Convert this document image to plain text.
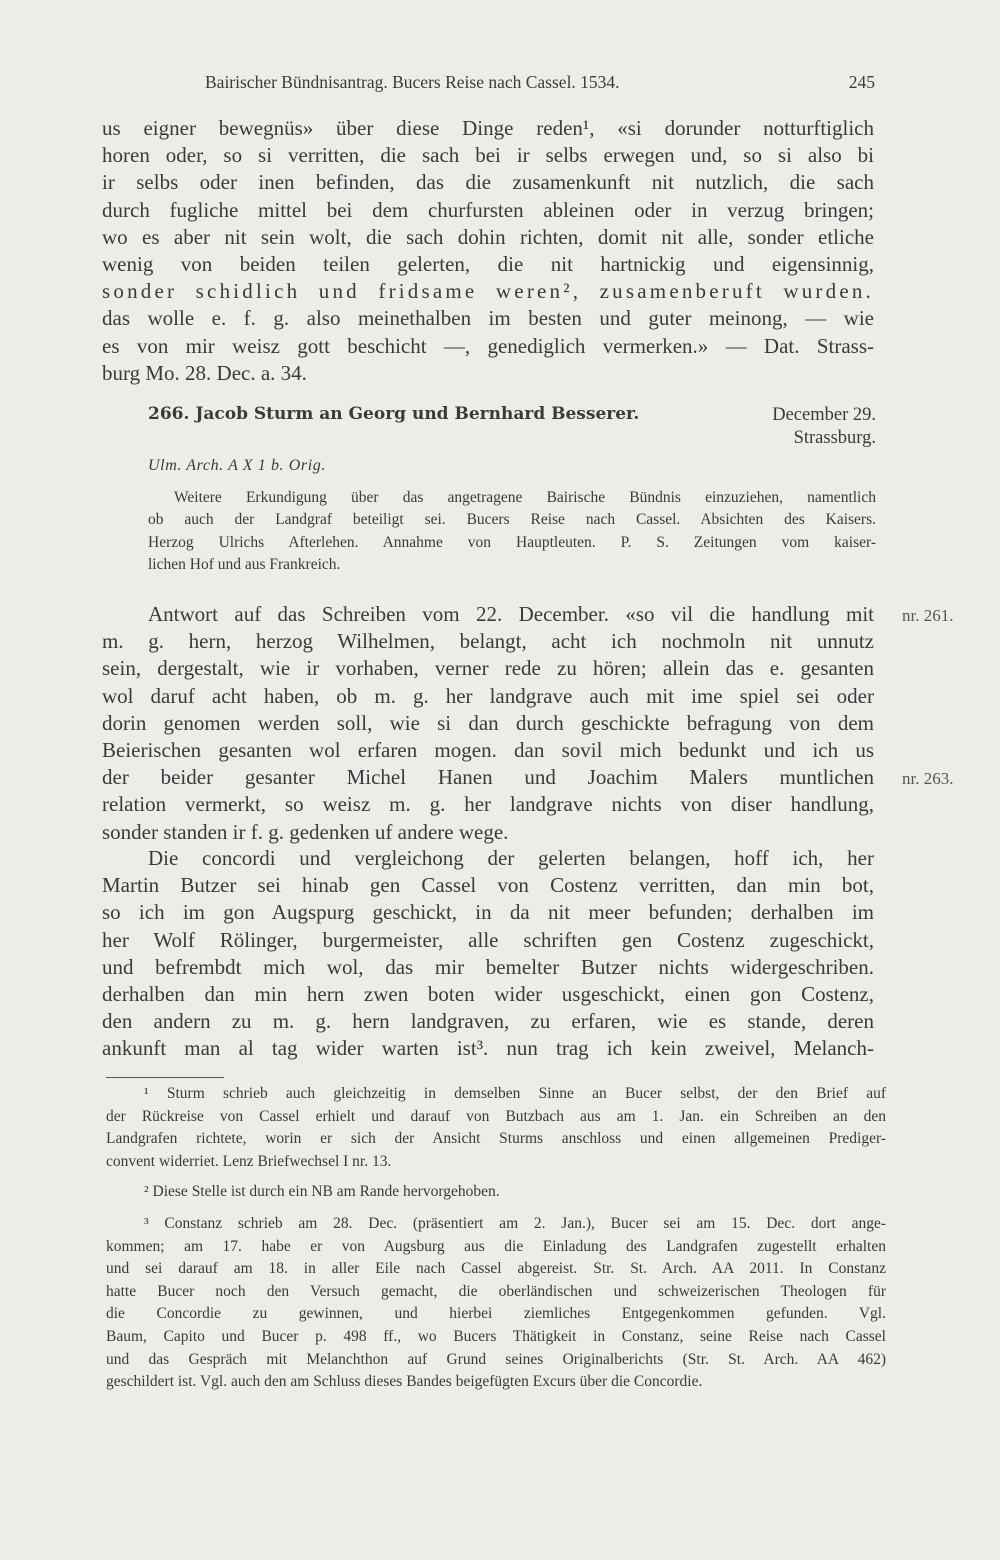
Bairischer Bündnisantrag. Bucers Reise nach Cassel. 1534.	245
us eigner bewegnüs» über diese Dinge reden¹, «si dorunder notturftiglich
horen oder, so si verritten, die sach bei ir selbs erwegen und, so si also bi
ir selbs oder inen befinden, das die zusamenkunft nit nutzlich, die sach
durch fugliche mittel bei dem churfursten ableinen oder in verzug bringen;
wo es aber nit sein wolt, die sach dohin richten, domit nit alle, sonder etliche
wenig von beiden teilen gelerten, die nit hartnickig und eigensinnig,
sonder schidlich und fridsame weren², zusamenberuft wurden.
das wolle e. f. g. also meinethalben im besten und guter meinong, — wie
es von mir weisz gott beschicht —, genediglich vermerken.» — Dat. Strass-
burg Mo. 28. Dec. a. 34.
266. Jacob Sturm an Georg und Bernhard Besserer.	December 29.
Strassburg.
Ulm. Arch. A X 1 b. Orig.
Weitere Erkundigung über das angetragene Bairische Bündnis einzuziehen, namentlich
ob auch der Landgraf beteiligt sei. Bucers Reise nach Cassel. Absichten des Kaisers.
Herzog Ulrichs Afterlehen. Annahme von Hauptleuten. P. S. Zeitungen vom kaiser-
lichen Hof und aus Frankreich.
Antwort auf das Schreiben vom 22. December. «so vil die handlung mit
m. g. hern, herzog Wilhelmen, belangt, acht ich nochmoln nit unnutz
sein, dergestalt, wie ir vorhaben, verner rede zu hören; allein das e. gesanten
wol daruf acht haben, ob m. g. her landgrave auch mit ime spiel sei oder
dorin genomen werden soll, wie si dan durch geschickte befragung von dem
Beierischen gesanten wol erfaren mogen. dan sovil mich bedunkt und ich us
der beider gesanter Michel Hanen und Joachim Malers muntlichen
relation vermerkt, so weisz m. g. her landgrave nichts von diser handlung,
sonder standen ir f. g. gedenken uf andere wege.
nr. 261.
nr. 263.
Die concordi und vergleichong der gelerten belangen, hoff ich, her
Martin Butzer sei hinab gen Cassel von Costenz verritten, dan min bot,
so ich im gon Augspurg geschickt, in da nit meer befunden; derhalben im
her Wolf Rölinger, burgermeister, alle schriften gen Costenz zugeschickt,
und befrembdt mich wol, das mir bemelter Butzer nichts widergeschriben.
derhalben dan min hern zwen boten wider usgeschickt, einen gon Costenz,
den andern zu m. g. hern landgraven, zu erfaren, wie es stande, deren
ankunft man al tag wider warten ist³. nun trag ich kein zweivel, Melanch-
¹ Sturm schrieb auch gleichzeitig in demselben Sinne an Bucer selbst, der den Brief auf
der Rückreise von Cassel erhielt und darauf von Butzbach aus am 1. Jan. ein Schreiben an den
Landgrafen richtete, worin er sich der Ansicht Sturms anschloss und einen allgemeinen Prediger-
convent widerriet. Lenz Briefwechsel I nr. 13.
² Diese Stelle ist durch ein NB am Rande hervorgehoben.
³ Constanz schrieb am 28. Dec. (präsentiert am 2. Jan.), Bucer sei am 15. Dec. dort ange-
kommen; am 17. habe er von Augsburg aus die Einladung des Landgrafen zugestellt erhalten
und sei darauf am 18. in aller Eile nach Cassel abgereist. Str. St. Arch. AA 2011. In Constanz
hatte Bucer noch den Versuch gemacht, die oberländischen und schweizerischen Theologen für
die Concordie zu gewinnen, und hierbei ziemliches Entgegenkommen gefunden. Vgl.
Baum, Capito und Bucer p. 498 ff., wo Bucers Thätigkeit in Constanz, seine Reise nach Cassel
und das Gespräch mit Melanchthon auf Grund seines Originalberichts (Str. St. Arch. AA 462)
geschildert ist. Vgl. auch den am Schluss dieses Bandes beigefügten Excurs über die Concordie.
